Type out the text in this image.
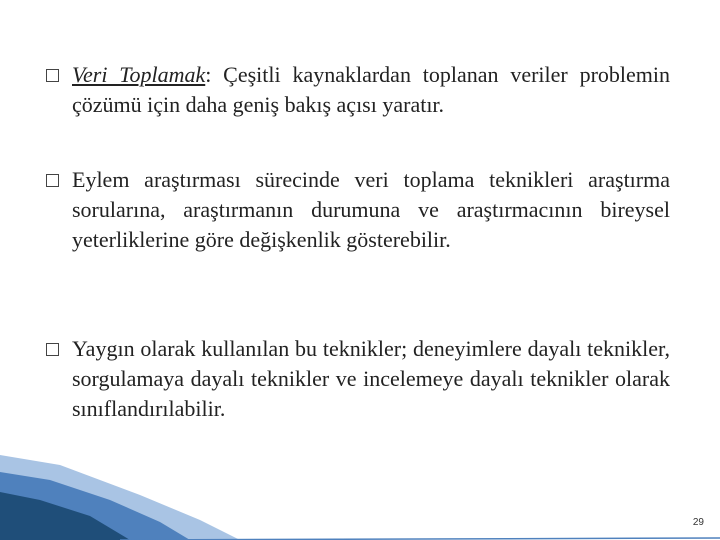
Veri Toplamak: Çeşitli kaynaklardan toplanan veriler problemin çözümü için daha geniş bakış açısı yaratır.
Eylem araştırması sürecinde veri toplama teknikleri araştırma sorularına, araştırmanın durumuna ve araştırmacının bireysel yeterliklerine göre değişkenlik gösterebilir.
Yaygın olarak kullanılan bu teknikler; deneyimlere dayalı teknikler, sorgulamaya dayalı teknikler ve incelemeye dayalı teknikler olarak sınıflandırılabilir.
29
